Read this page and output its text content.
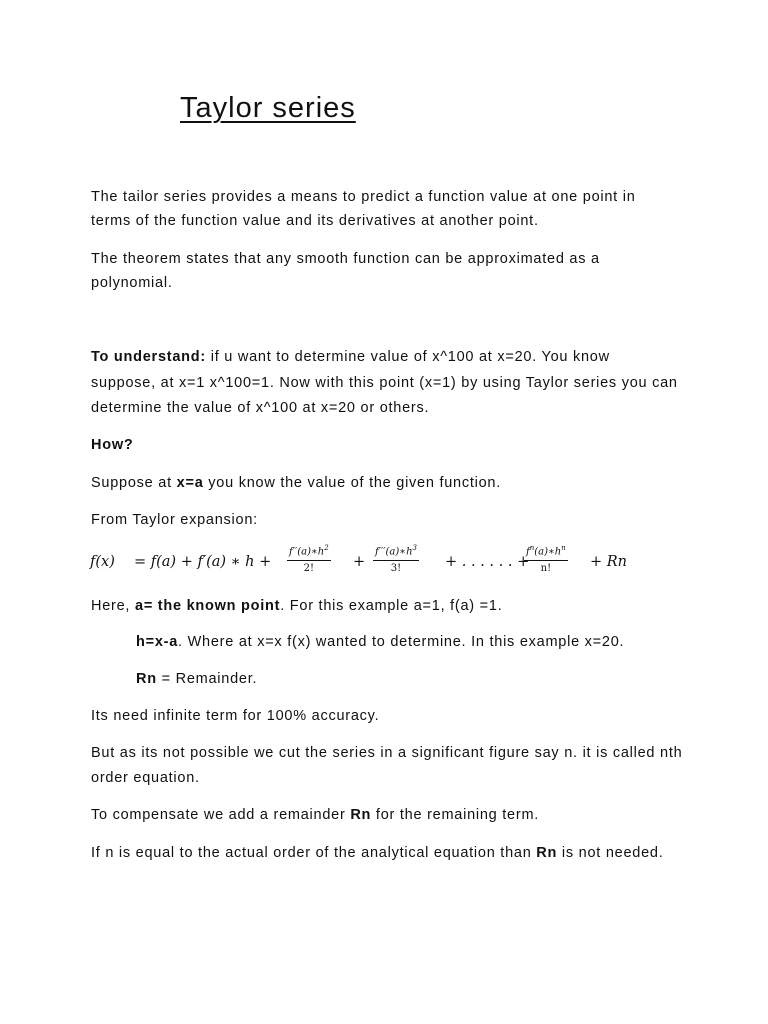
Taylor series
The tailor series provides a means to predict a function value at one point in
terms of the function value and its derivatives at another point.
The theorem states that any smooth function can be approximated as a
polynomial.
To understand: if u want to determine value of x^100 at x=20. You know
suppose, at x=1 x^100=1. Now with this point (x=1) by using Taylor series you can
determine the value of x^100 at x=20 or others.
How?
Suppose at x=a you know the value of the given function.
From Taylor expansion:
f(x) = f(a) + f′(a) ∗ $h + \frac{f''(a)∗h^2}{2!} + \frac{f'''(a)∗h^3}{3!}$ + . . . . . . +
$\frac{f^n(a)∗h^n}{n!} + Rn$
Here, a= the known point. For this example a=1, f(a) =1.
h=x-a. Where at x=x f(x) wanted to determine. In this example x=20.
Rn = Remainder.
Its need infinite term for 100% accuracy.
But as its not possible we cut the series in a significant figure say n. it is called nth
order equation.
To compensate we add a remainder Rn for the remaining term.
If n is equal to the actual order of the analytical equation than Rn is not needed.
